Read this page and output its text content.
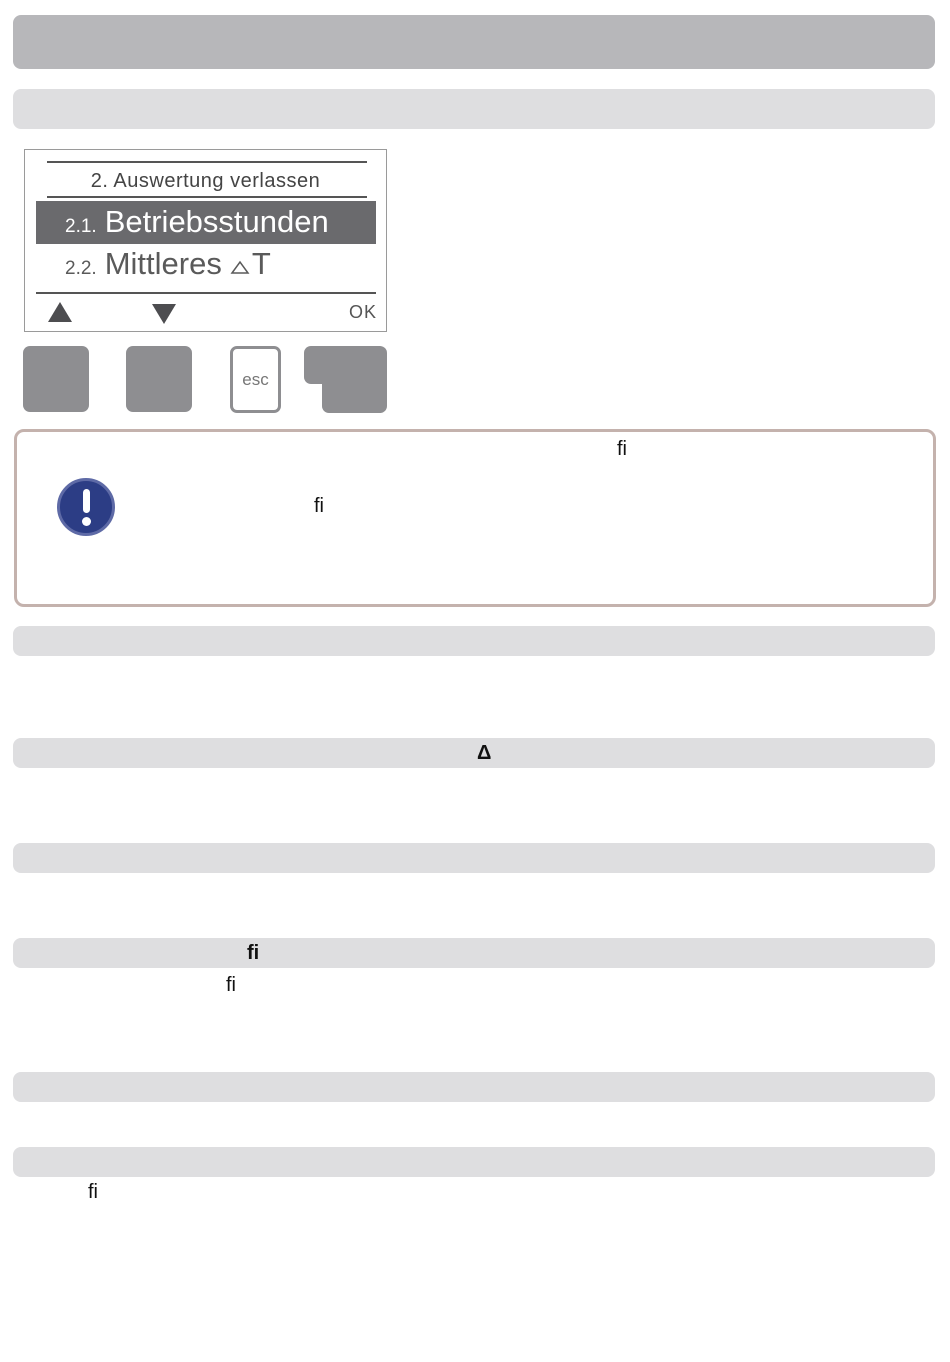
2. Auswertung verlassen
2.1. Betriebsstunden
2.2. Mittleres T
OK
esc
fi
fi
Δ
fi
fi
fi
